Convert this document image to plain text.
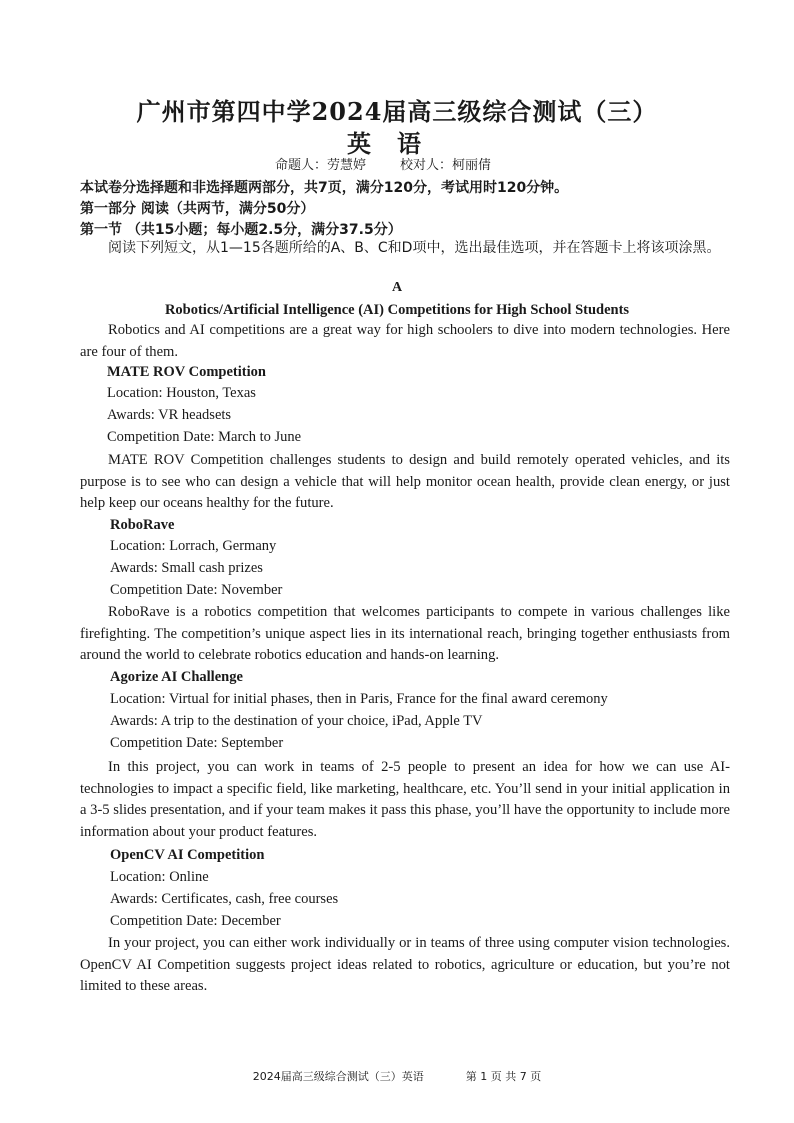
广州市第四中学2024届高三级综合测试（三）
英语
命题人：劳慧婷	校对人：柯丽倩
本试卷分选择题和非选择题两部分，共7页，满分120分，考试用时120分钟。
第一部分 阅读（共两节，满分50分）
第一节 （共15小题；每小题2.5分，满分37.5分）
阅读下列短文，从1—15各题所给的A、B、C和D项中，选出最佳选项，并在答题卡上将该项涂黑。
A
Robotics/Artificial Intelligence (AI) Competitions for High School Students
Robotics and AI competitions are a great way for high schoolers to dive into modern technologies. Here are four of them.
MATE ROV Competition
Location: Houston, Texas
Awards: VR headsets
Competition Date: March to June
MATE ROV Competition challenges students to design and build remotely operated vehicles, and its purpose is to see who can design a vehicle that will help monitor ocean health, provide clean energy, or just help keep our oceans healthy for the future.
RoboRave
Location: Lorrach, Germany
Awards: Small cash prizes
Competition Date: November
RoboRave is a robotics competition that welcomes participants to compete in various challenges like firefighting. The competition’s unique aspect lies in its international reach, bringing together enthusiasts from around the world to celebrate robotics education and hands-on learning.
Agorize AI Challenge
Location: Virtual for initial phases, then in Paris, France for the final award ceremony
Awards: A trip to the destination of your choice, iPad, Apple TV
Competition Date: September
In this project, you can work in teams of 2-5 people to present an idea for how we can use AI-technologies to impact a specific field, like marketing, healthcare, etc. You’ll send in your initial application in a 3-5 slides presentation, and if your team makes it pass this phase, you’ll have the opportunity to include more information about your product features.
OpenCV AI Competition
Location: Online
Awards: Certificates, cash, free courses
Competition Date: December
In your project, you can either work individually or in teams of three using computer vision technologies. OpenCV AI Competition suggests project ideas related to robotics, agriculture or education, but you’re not limited to these areas.
2024届高三级综合测试（三）英语	第 1 页 共 7 页
